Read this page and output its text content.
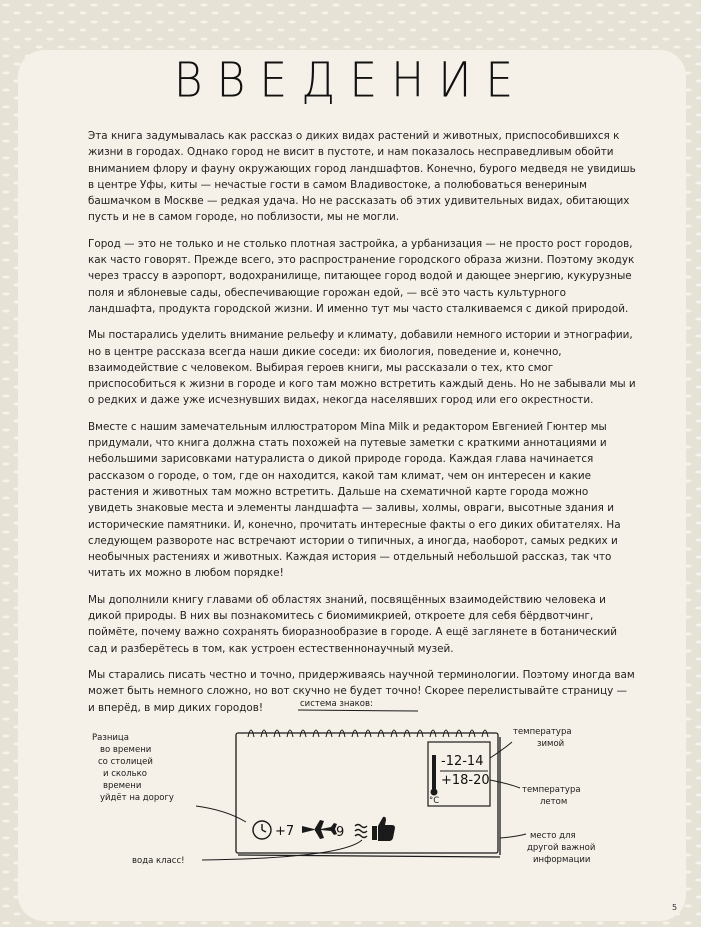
ВВЕДЕНИЕ

Эта книга задумывалась как рассказ о диких видах растений и животных, приспособившихся к жизни в городах. Однако город не висит в пустоте, и нам показалось несправедливым обойти вниманием флору и фауну окружающих город ландшафтов. Конечно, бурого медведя не увидишь в центре Уфы, киты — нечастые гости в самом Владивостоке, а полюбоваться венериным башмачком в Москве — редкая удача. Но не рассказать об этих удивительных видах, обитающих пусть и не в самом городе, но поблизости, мы не могли.

Город — это не только и не столько плотная застройка, а урбанизация — не просто рост городов, как часто говорят. Прежде всего, это распространение городского образа жизни. Поэтому экодук через трассу в аэропорт, водохранилище, питающее город водой и дающее энергию, кукурузные поля и яблоневые сады, обеспечивающие горожан едой, — всё это часть культурного ландшафта, продукта городской жизни. И именно тут мы часто сталкиваемся с дикой природой.

Мы постарались уделить внимание рельефу и климату, добавили немного истории и этнографии, но в центре рассказа всегда наши дикие соседи: их биология, поведение и, конечно, взаимодействие с человеком. Выбирая героев книги, мы рассказали о тех, кто смог приспособиться к жизни в городе и кого там можно встретить каждый день. Но не забывали мы и о редких и даже уже исчезнувших видах, некогда населявших город или его окрестности.

Вместе с нашим замечательным иллюстратором Mina Milk и редактором Евгенией Гюнтер мы придумали, что книга должна стать похожей на путевые заметки с краткими аннотациями и небольшими зарисовками натуралиста о дикой природе города. Каждая глава начинается рассказом о городе, о том, где он находится, какой там климат, чем он интересен и какие растения и животных там можно встретить. Дальше на схематичной карте города можно увидеть знаковые места и элементы ландшафта — заливы, холмы, овраги, высотные здания и исторические памятники. И, конечно, прочитать интересные факты о его диких обитателях. На следующем развороте нас встречают истории о типичных, а иногда, наоборот, самых редких и необычных растениях и животных. Каждая история — отдельный небольшой рассказ, так что читать их можно в любом порядке!

Мы дополнили книгу главами об областях знаний, посвящённых взаимодействию человека и дикой природы. В них вы познакомитесь с биомимикрией, откроете для себя бёрдвотчинг, поймёте, почему важно сохранять биоразнообразие в городе. А ещё заглянете в ботанический сад и разберётесь в том, как устроен естественнонаучный музей.

Мы старались писать честно и точно, придерживаясь научной терминологии. Поэтому иногда вам может быть немного сложно, но вот скучно не будет точно! Скорее перелистывайте страницу — и вперёд, в мир диких городов!	система знаков:
°C
-12-14
+18-20
+7	9
Разница
во времени
со столицей
и сколько
времени
уйдёт на дорогу
вода класс!
температура
зимой
температура
летом
место для
другой важной
информации
5
